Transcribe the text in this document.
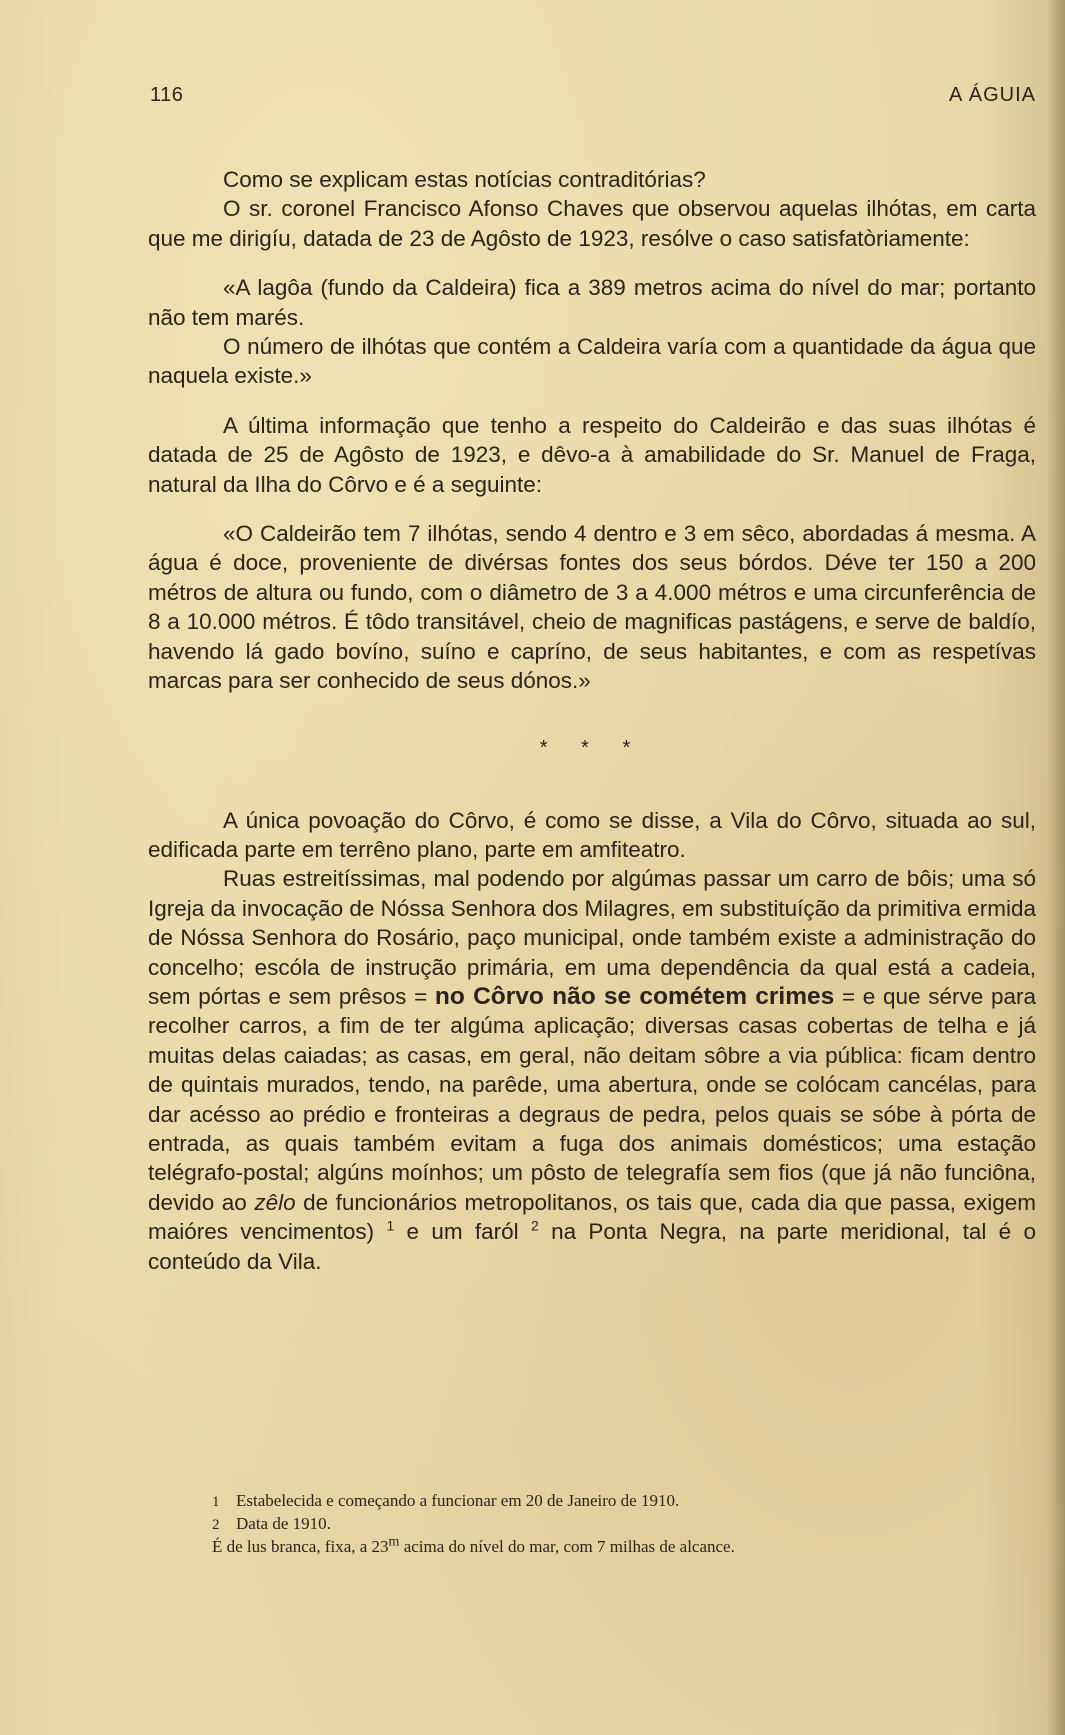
116	A ÁGUIA

Como se explicam estas notícias contraditórias?

O sr. coronel Francisco Afonso Chaves que observou aquelas ilhótas, em carta que me dirigíu, datada de 23 de Agôsto de 1923, resólve o caso satisfatòriamente:

«A lagôa (fundo da Caldeira) fica a 389 metros acima do nível do mar; portanto não tem marés.

O número de ilhótas que contém a Caldeira varía com a quantidade da água que naquela existe.»

A última informação que tenho a respeito do Caldeirão e das suas ilhótas é datada de 25 de Agôsto de 1923, e dêvo-a à amabilidade do Sr. Manuel de Fraga, natural da Ilha do Côrvo e é a seguinte:

«O Caldeirão tem 7 ilhótas, sendo 4 dentro e 3 em sêco, abordadas á mesma. A água é doce, proveniente de divérsas fontes dos seus bórdos. Déve ter 150 a 200 métros de altura ou fundo, com o diâmetro de 3 a 4.000 métros e uma circunferência de 8 a 10.000 métros. É tôdo transitável, cheio de magnificas pastágens, e serve de baldío, havendo lá gado bovíno, suíno e capríno, de seus habitantes, e com as respetívas marcas para ser conhecido de seus dónos.»

* * *

A única povoação do Côrvo, é como se disse, a Vila do Côrvo, situada ao sul, edificada parte em terrêno plano, parte em amfiteatro.

Ruas estreitíssimas, mal podendo por algúmas passar um carro de bôis; uma só Igreja da invocação de Nóssa Senhora dos Milagres, em substituíção da primitiva ermida de Nóssa Senhora do Rosário, paço municipal, onde também existe a administração do concelho; escóla de instrução primária, em uma dependência da qual está a cadeia, sem pórtas e sem prêsos = no Côrvo não se cométem crimes = e que sérve para recolher carros, a fim de ter algúma aplicação; diversas casas cobertas de telha e já muitas delas caiadas; as casas, em geral, não deitam sôbre a via pública: ficam dentro de quintais murados, tendo, na parêde, uma abertura, onde se colócam cancélas, para dar acésso ao prédio e fronteiras a degraus de pedra, pelos quais se sóbe à pórta de entrada, as quais também evitam a fuga dos animais domésticos; uma estação telégrafo-postal; algúns moínhos; um pôsto de telegrafía sem fios (que já não funciôna, devido ao zêlo de funcionários metropolitanos, os tais que, cada dia que passa, exigem maióres vencimentos) $^1$ e um faról $^2$ na Ponta Negra, na parte meridional, tal é o conteúdo da Vila.

1 Estabelecida e começando a funcionar em 20 de Janeiro de 1910.
2 Data de 1910.
É de lus branca, fixa, a 23$^m$ acima do nível do mar, com 7 milhas de alcance.
